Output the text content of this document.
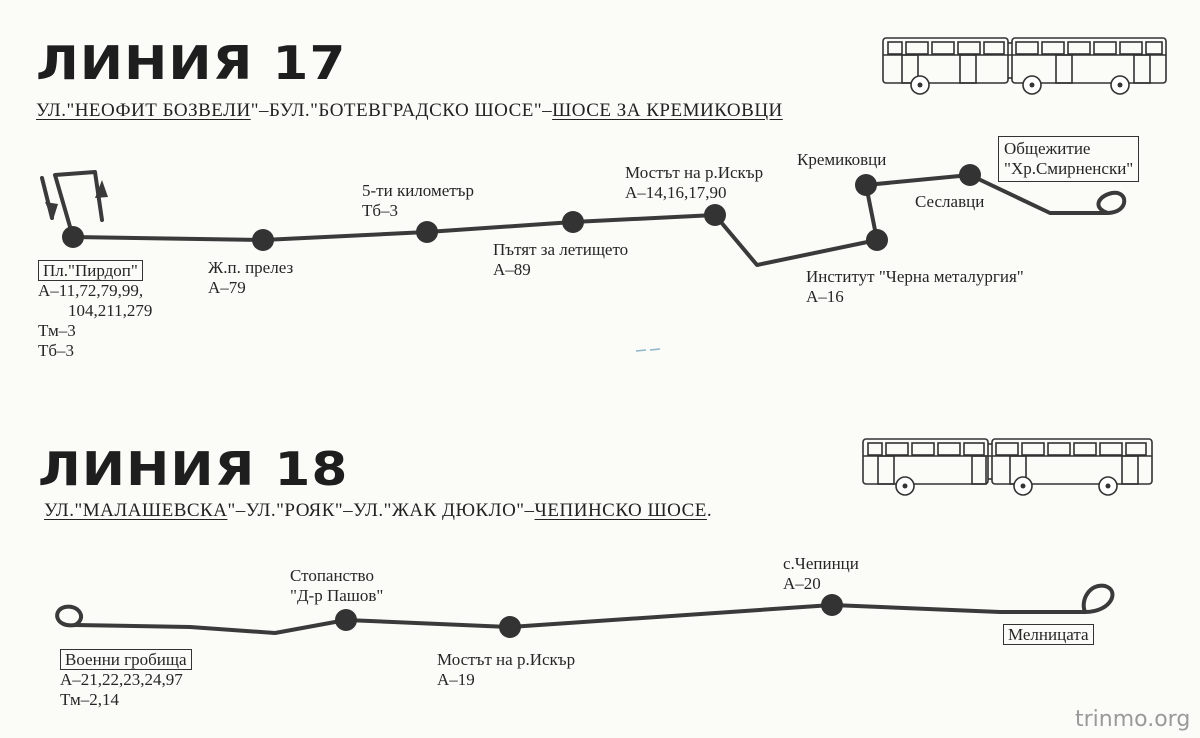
ЛИНИЯ 17
УЛ."НЕОФИТ БОЗВЕЛИ"–БУЛ."БОТЕВГРАДСКО ШОСЕ"–ШОСЕ ЗА КРЕМИКОВЦИ
Пл."Пирдоп"
А–11,72,79,99,
104,211,279
Тм–3
Тб–3
Ж.п. прелез
А–79
5-ти километър
Тб–3
Пътят за летището
А–89
Мостът на р.Искър
А–14,16,17,90
Институт "Черна металургия"
А–16
Кремиковци
Сеславци
Общежитие
"Хр.Смирненски"
ЛИНИЯ 18
УЛ."МАЛАШЕВСКА"–УЛ."РОЯК"–УЛ."ЖАК ДЮКЛО"–ЧЕПИНСКО ШОСЕ.
Военни гробища
А–21,22,23,24,97
Тм–2,14
Стопанство
"Д-р Пашов"
Мостът на р.Искър
А–19
с.Чепинци
А–20
Мелницата
trinmo.org
